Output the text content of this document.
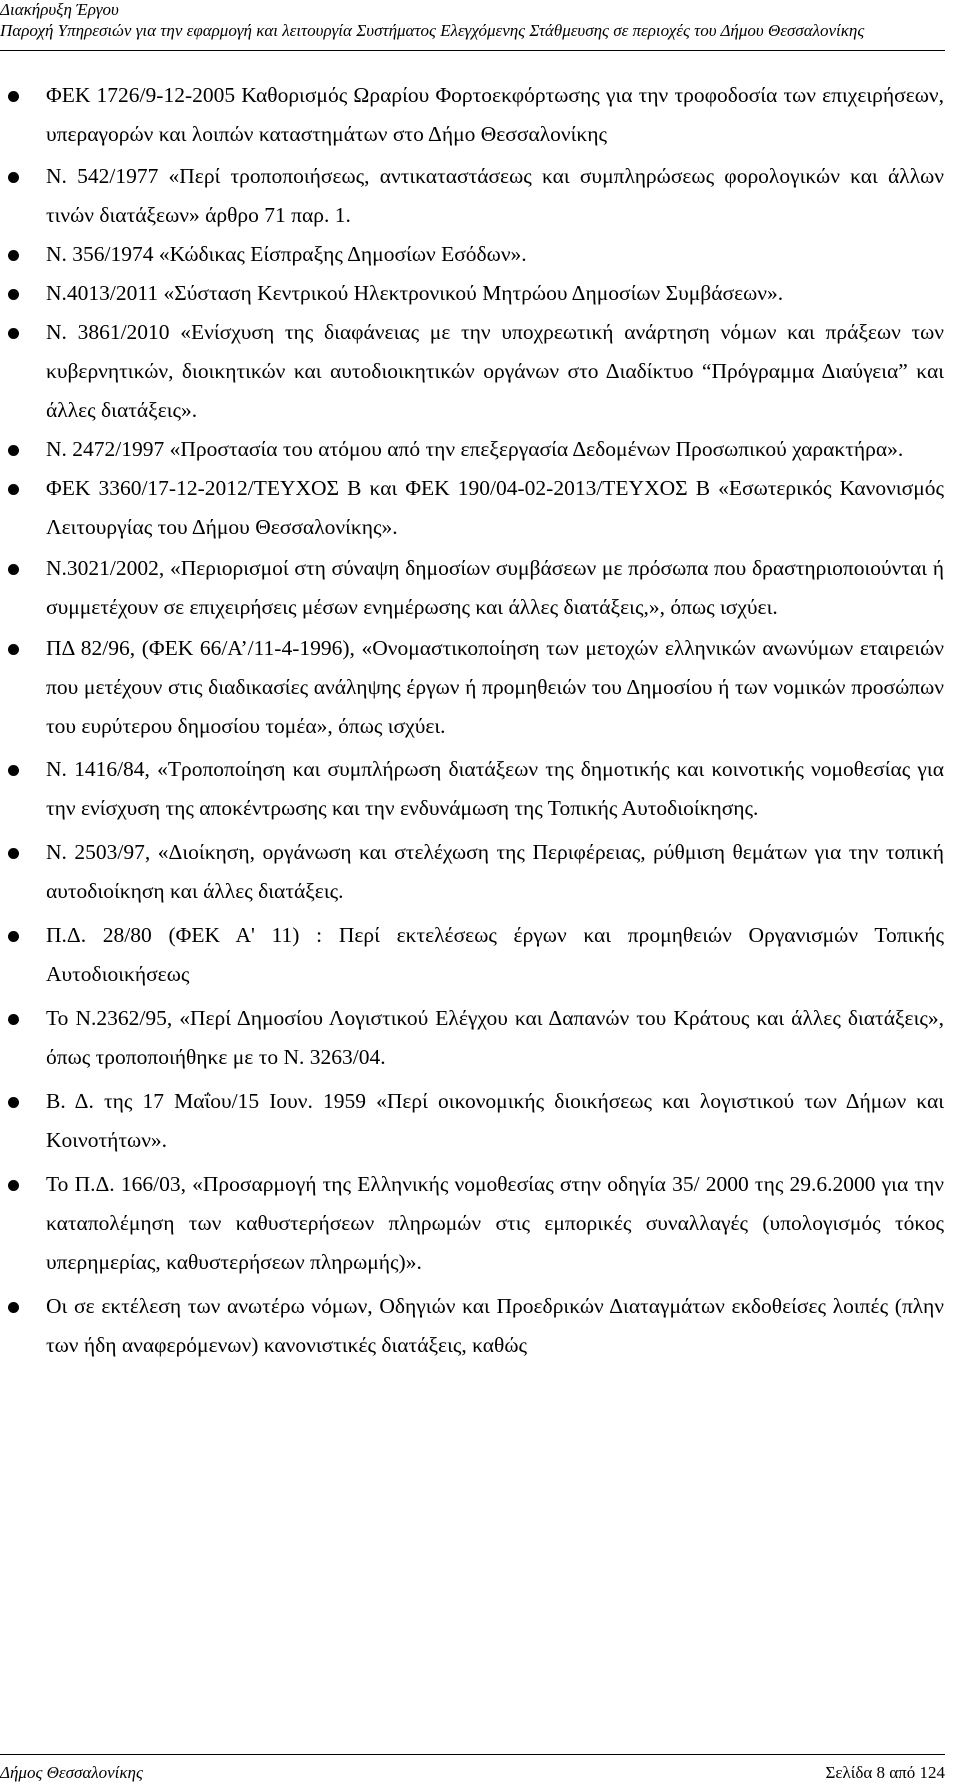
Διακήρυξη Έργου
Παροχή Υπηρεσιών για την εφαρμογή και λειτουργία Συστήματος Ελεγχόμενης Στάθμευσης σε περιοχές του Δήμου Θεσσαλονίκης
ΦΕΚ 1726/9-12-2005 Καθορισμός Ωραρίου Φορτοεκφόρτωσης για την τροφοδοσία των επιχειρήσεων, υπεραγορών και λοιπών καταστημάτων στο Δήμο Θεσσαλονίκης
Ν. 542/1977 «Περί τροποποιήσεως, αντικαταστάσεως και συμπληρώσεως φορολογικών και άλλων τινών διατάξεων» άρθρο 71 παρ. 1.
Ν. 356/1974 «Κώδικας Είσπραξης Δημοσίων Εσόδων».
Ν.4013/2011 «Σύσταση Κεντρικού Ηλεκτρονικού Μητρώου Δημοσίων Συμβάσεων».
Ν. 3861/2010 «Ενίσχυση της διαφάνειας με την υποχρεωτική ανάρτηση νόμων και πράξεων των κυβερνητικών, διοικητικών και αυτοδιοικητικών οργάνων στο Διαδίκτυο “Πρόγραμμα Διαύγεια” και άλλες διατάξεις».
Ν. 2472/1997 «Προστασία του ατόμου από την επεξεργασία Δεδομένων Προσωπικού χαρακτήρα».
ΦΕΚ 3360/17-12-2012/ΤΕΥΧΟΣ Β και ΦΕΚ 190/04-02-2013/ΤΕΥΧΟΣ Β «Εσωτερικός Κανονισμός Λειτουργίας του Δήμου Θεσσαλονίκης».
Ν.3021/2002, «Περιορισμοί στη σύναψη δημοσίων συμβάσεων με πρόσωπα που δραστηριοποιούνται ή συμμετέχουν σε επιχειρήσεις μέσων ενημέρωσης και άλλες διατάξεις,», όπως ισχύει.
ΠΔ 82/96, (ΦΕΚ 66/Α’/11-4-1996), «Ονομαστικοποίηση των μετοχών ελληνικών ανωνύμων εταιρειών που μετέχουν στις διαδικασίες ανάληψης έργων ή προμηθειών του Δημοσίου ή των νομικών προσώπων του ευρύτερου δημοσίου τομέα», όπως ισχύει.
Ν. 1416/84, «Τροποποίηση και συμπλήρωση διατάξεων της δημοτικής και κοινοτικής νομοθεσίας για την ενίσχυση της αποκέντρωσης και την ενδυνάμωση της Τοπικής Αυτοδιοίκησης.
Ν. 2503/97, «Διοίκηση, οργάνωση και στελέχωση της Περιφέρειας, ρύθμιση θεμάτων για την τοπική αυτοδιοίκηση και άλλες διατάξεις.
Π.Δ. 28/80 (ΦΕΚ Α' 11) : Περί εκτελέσεως έργων και προμηθειών Οργανισμών Τοπικής Αυτοδιοικήσεως
Το Ν.2362/95, «Περί Δημοσίου Λογιστικού Ελέγχου και Δαπανών του Κράτους και άλλες διατάξεις», όπως τροποποιήθηκε με το Ν. 3263/04.
Β. Δ. της 17 Μαΐου/15 Ιουν. 1959 «Περί οικονομικής διοικήσεως και λογιστικού των Δήμων και Κοινοτήτων».
Το Π.Δ. 166/03, «Προσαρμογή της Ελληνικής νομοθεσίας στην οδηγία 35/ 2000 της 29.6.2000 για την καταπολέμηση των καθυστερήσεων πληρωμών στις εμπορικές συναλλαγές (υπολογισμός τόκος υπερημερίας, καθυστερήσεων πληρωμής)».
Οι σε εκτέλεση των ανωτέρω νόμων, Οδηγιών και Προεδρικών Διαταγμάτων εκδοθείσες λοιπές (πλην των ήδη αναφερόμενων) κανονιστικές διατάξεις, καθώς
Δήμος Θεσσαλονίκης	Σελίδα 8 από 124
